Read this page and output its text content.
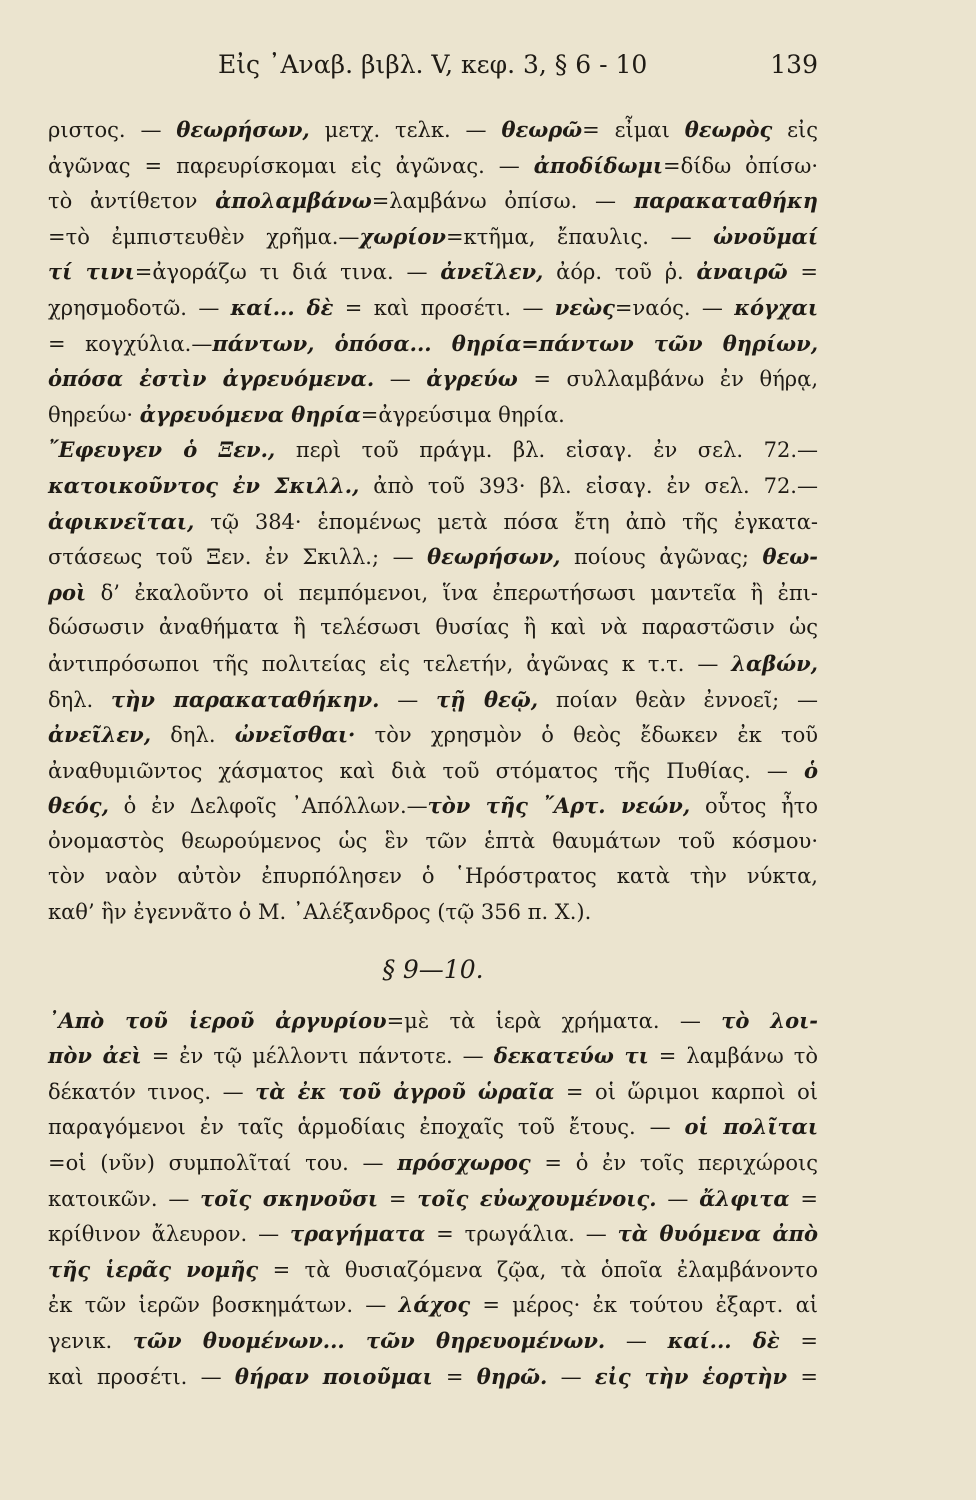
Εἰς ᾿Αναβ. βιβλ. V, κεφ. 3, § 6 - 10	139
ριστος. — θεωρήσων, μετχ. τελκ. — θεωρῶ= εἶμαι θεωρὸς εἰς
ἀγῶνας = παρευρίσκομαι εἰς ἀγῶνας. — ἀποδίδωμι=δίδω ὀπίσω·
τὸ ἀντίθετον ἀπολαμβάνω=λαμβάνω ὀπίσω. — παρακαταθήκη
=τὸ ἐμπιστευθὲν χρῆμα.—χωρίον=κτῆμα, ἔπαυλις. — ὠνοῦμαί
τί τινι=ἀγοράζω τι διά τινα. — ἀνεῖλεν, ἀόρ. τοῦ ῥ. ἀναιρῶ =
χρησμοδοτῶ. — καί... δὲ = καὶ προσέτι. — νεὼς=ναός. — κόγχαι
= κογχύλια.—πάντων, ὁπόσα... θηρία=πάντων τῶν θηρίων,
ὁπόσα ἐστὶν ἀγρευόμενα. — ἀγρεύω = συλλαμβάνω ἐν θήρᾳ,
θηρεύω· ἀγρευόμενα θηρία=ἀγρεύσιμα θηρία.
῎Εφευγεν ὁ Ξεν., περὶ τοῦ πράγμ. βλ. εἰσαγ. ἐν σελ. 72.—
κατοικοῦντος ἐν Σκιλλ., ἀπὸ τοῦ 393· βλ. εἰσαγ. ἐν σελ. 72.—
ἀφικνεῖται, τῷ 384· ἑπομένως μετὰ πόσα ἔτη ἀπὸ τῆς ἐγκατα-
στάσεως τοῦ Ξεν. ἐν Σκιλλ.; — θεωρήσων, ποίους ἀγῶνας; θεω-
ροὶ δ’ ἐκαλοῦντο οἱ πεμπόμενοι, ἵνα ἐπερωτήσωσι μαντεῖα ἢ ἐπι-
δώσωσιν ἀναθήματα ἢ τελέσωσι θυσίας ἢ καὶ νὰ παραστῶσιν ὡς
ἀντιπρόσωποι τῆς πολιτείας εἰς τελετήν, ἀγῶνας κ τ.τ. — λαβών,
δηλ. τὴν παρακαταθήκην. — τῇ θεῷ, ποίαν θεὰν ἐννοεῖ; —
ἀνεῖλεν, δηλ. ὠνεῖσθαι· τὸν χρησμὸν ὁ θεὸς ἔδωκεν ἐκ τοῦ
ἀναθυμιῶντος χάσματος καὶ διὰ τοῦ στόματος τῆς Πυθίας. — ὁ
θεός, ὁ ἐν Δελφοῖς ᾿Απόλλων.—τὸν τῆς ῎Αρτ. νεών, οὗτος ἦτο
ὀνομαστὸς θεωρούμενος ὡς ἓν τῶν ἑπτὰ θαυμάτων τοῦ κόσμου·
τὸν ναὸν αὐτὸν ἐπυρπόλησεν ὁ ῾Ηρόστρατος κατὰ τὴν νύκτα,
καθ’ ἣν ἐγεννᾶτο ὁ Μ. ᾿Αλέξανδρος (τῷ 356 π. Χ.).
§ 9—10.
᾿Απὸ τοῦ ἱεροῦ ἀργυρίου=μὲ τὰ ἱερὰ χρήματα. — τὸ λοι-
πὸν ἀεὶ = ἐν τῷ μέλλοντι πάντοτε. — δεκατεύω τι = λαμβάνω τὸ
δέκατόν τινος. — τὰ ἐκ τοῦ ἀγροῦ ὡραῖα = οἱ ὥριμοι καρποὶ οἱ
παραγόμενοι ἐν ταῖς ἁρμοδίαις ἐποχαῖς τοῦ ἔτους. — οἱ πολῖται
=οἱ (νῦν) συμπολῖταί του. — πρόσχωρος = ὁ ἐν τοῖς περιχώροις
κατοικῶν. — τοῖς σκηνοῦσι = τοῖς εὐωχουμένοις. — ἄλφιτα =
κρίθινον ἄλευρον. — τραγήματα = τρωγάλια. — τὰ θυόμενα ἀπὸ
τῆς ἱερᾶς νομῆς = τὰ θυσιαζόμενα ζῷα, τὰ ὁποῖα ἐλαμβάνοντο
ἐκ τῶν ἱερῶν βοσκημάτων. — λάχος = μέρος· ἐκ τούτου ἐξαρτ. αἱ
γενικ. τῶν θυομένων... τῶν θηρευομένων. — καί... δὲ =
καὶ προσέτι. — θήραν ποιοῦμαι = θηρῶ. — εἰς τὴν ἑορτὴν =
